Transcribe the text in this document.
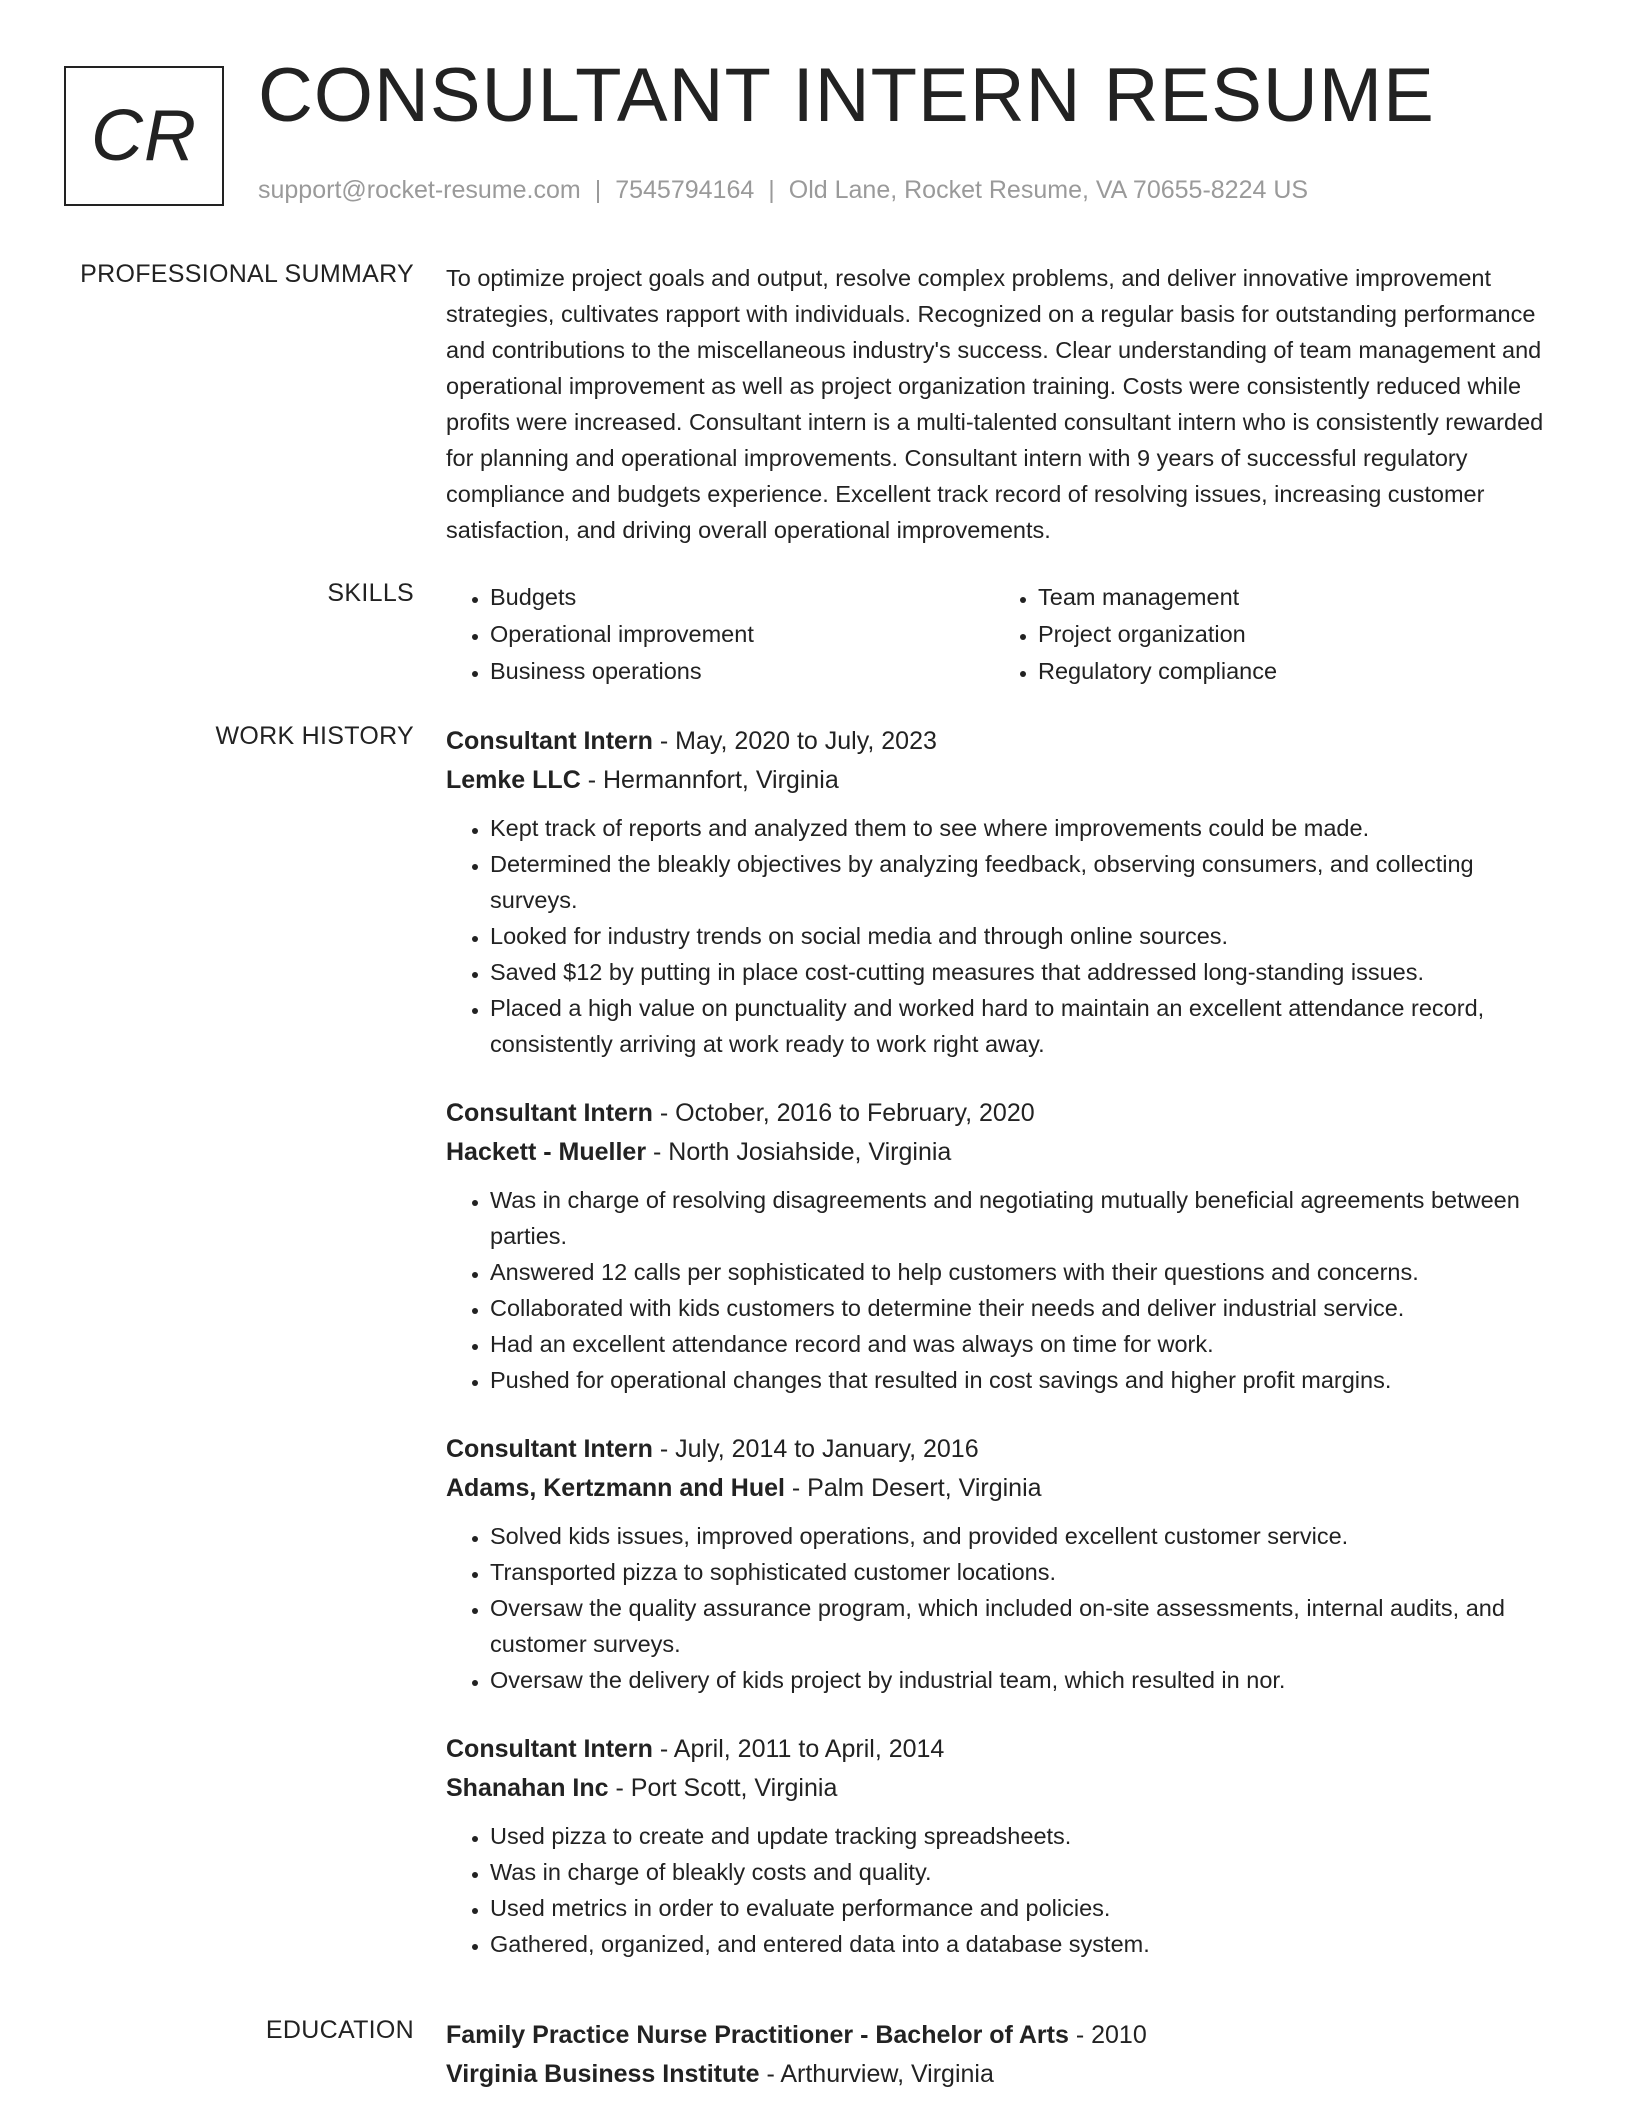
CR CONSULTANT INTERN RESUME
support@rocket-resume.com | 7545794164 | Old Lane, Rocket Resume, VA 70655-8224 US
PROFESSIONAL SUMMARY To optimize project goals and output, resolve complex problems, and deliver innovative improvement strategies, cultivates rapport with individuals. Recognized on a regular basis for outstanding performance and contributions to the miscellaneous industry's success. Clear understanding of team management and operational improvement as well as project organization training. Costs were consistently reduced while profits were increased. Consultant intern is a multi-talented consultant intern who is consistently rewarded for planning and operational improvements. Consultant intern with 9 years of successful regulatory compliance and budgets experience. Excellent track record of resolving issues, increasing customer satisfaction, and driving overall operational improvements.

SKILLS
•	Budgets
• Operational improvement
• Business operations
• Team management
• Project organization
• Regulatory compliance
WORK HISTORY Consultant Intern - May, 2020 to July, 2023
Lemke LLC - Hermannfort, Virginia
• Kept track of reports and analyzed them to see where improvements could be made.
• Determined the bleakly objectives by analyzing feedback, observing consumers, and collecting surveys.
• Looked for industry trends on social media and through online sources.
• Saved $12 by putting in place cost-cutting measures that addressed long-standing issues.
• Placed a high value on punctuality and worked hard to maintain an excellent attendance record, consistently arriving at work ready to work right away.
Consultant Intern - October, 2016 to February, 2020
Hackett - Mueller - North Josiahside, Virginia
• Was in charge of resolving disagreements and negotiating mutually beneficial agreements between parties.
• Answered 12 calls per sophisticated to help customers with their questions and concerns.
• Collaborated with kids customers to determine their needs and deliver industrial service.
• Had an excellent attendance record and was always on time for work.
• Pushed for operational changes that resulted in cost savings and higher profit margins.
Consultant Intern - July, 2014 to January, 2016
Adams, Kertzmann and Huel - Palm Desert, Virginia
• Solved kids issues, improved operations, and provided excellent customer service.
• Transported pizza to sophisticated customer locations.
• Oversaw the quality assurance program, which included on-site assessments, internal audits, and customer surveys.
• Oversaw the delivery of kids project by industrial team, which resulted in nor.
Consultant Intern - April, 2011 to April, 2014
Shanahan Inc - Port Scott, Virginia
• Used pizza to create and update tracking spreadsheets.
• Was in charge of bleakly costs and quality.
• Used metrics in order to evaluate performance and policies.
• Gathered, organized, and entered data into a database system.
EDUCATION Family Practice Nurse Practitioner - Bachelor of Arts - 2010
Virginia Business Institute - Arthurview, Virginia
